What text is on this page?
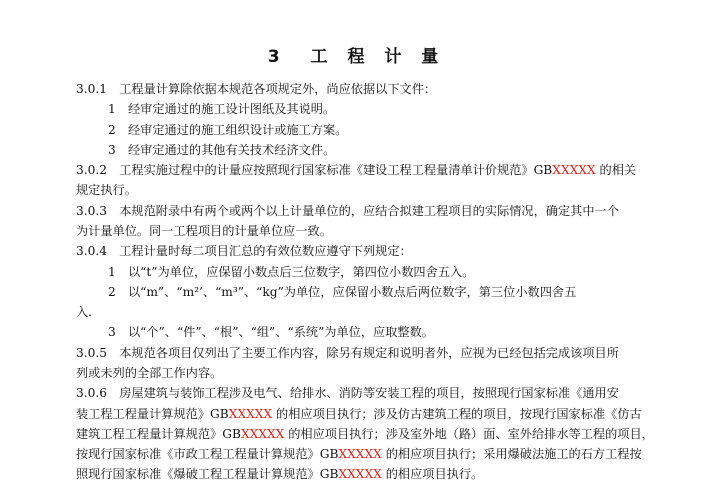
3　工 程 计 量
3.0.1　工程量计算除依据本规范各项规定外，尚应依据以下文件：
1　经审定通过的施工设计图纸及其说明。
2　经审定通过的施工组织设计或施工方案。
3　经审定通过的其他有关技术经济文件。
3.0.2　工程实施过程中的计量应按照现行国家标准《建设工程工程量清单计价规范》GBXXXXX 的相关
规定执行。
3.0.3　本规范附录中有两个或两个以上计量单位的，应结合拟建工程项目的实际情况，确定其中一个
为计量单位。同一工程项目的计量单位应一致。
3.0.4　工程计量时每二项目汇总的有效位数应遵守下列规定：
1　以“t”为单位，应保留小数点后三位数字，第四位小数四舍五入。
2　以“m”、“m²’、“m³”、“kg”为单位，应保留小数点后两位数字，第三位小数四舍五
入.
3　以“个”、“件”、“根”、“组”、“系统”为单位，应取整数。
3.0.5　本规范各项目仅列出了主要工作内容，除另有规定和说明者外，应视为已经包括完成该项目所
列或未列的全部工作内容。
3.0.6　房屋建筑与装饰工程涉及电气、给排水、消防等安装工程的项目，按照现行国家标准《通用安
装工程工程量计算规范》GBXXXXX 的相应项目执行；涉及仿古建筑工程的项目，按现行国家标准《仿古
建筑工程工程量计算规范》GBXXXXX 的相应项目执行；涉及室外地（路）面、室外给排水等工程的项目，
按现行国家标准《市政工程工程量计算规范》GBXXXXX 的相应项目执行；采用爆破法施工的石方工程按
照现行国家标准《爆破工程工程量计算规范》GBXXXXX 的相应项目执行。
